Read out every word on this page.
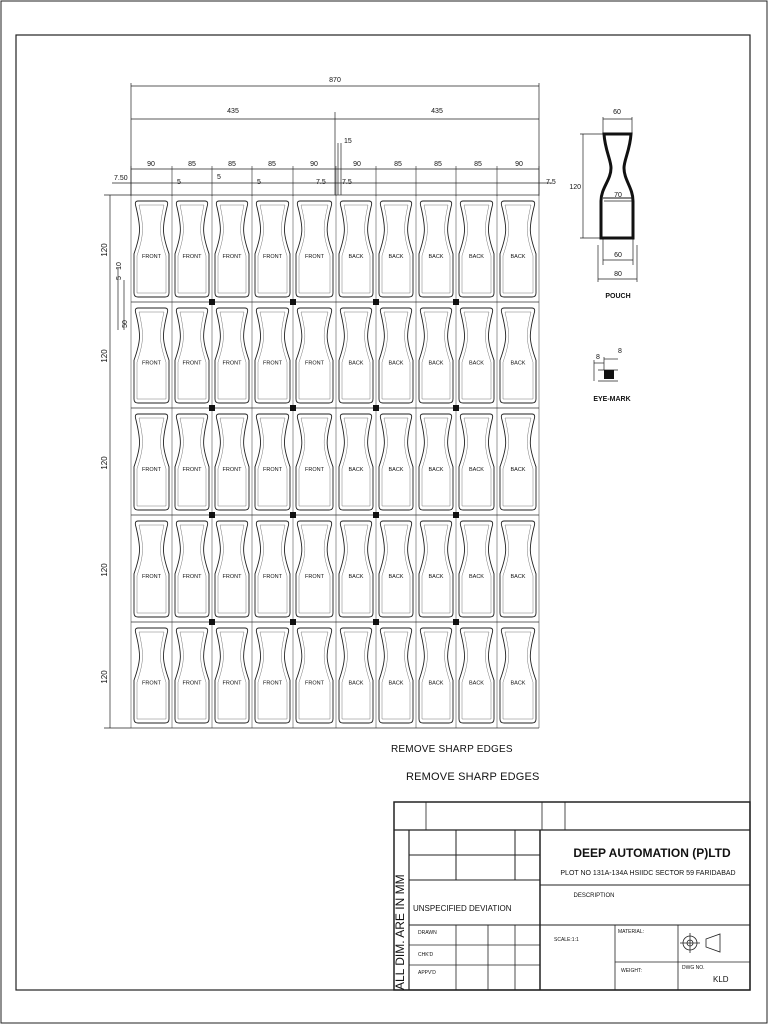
870
435	435
15
90	85	85	85	90	90	85	85	85	90
7.50
5
5
5	7.5 7.5	7.5
120
120
120
120
120
10
5
50
FRONT	FRONT	FRONT	FRONT	FRONT	BACK	BACK	BACK	BACK	BACK
FRONT	FRONT	FRONT	FRONT	FRONT	BACK	BACK	BACK	BACK	BACK
FRONT	FRONT	FRONT	FRONT	FRONT	BACK	BACK	BACK	BACK	BACK
FRONT	FRONT	FRONT	FRONT	FRONT	BACK	BACK	BACK	BACK	BACK
FRONT	FRONT	FRONT	FRONT	FRONT	BACK	BACK	BACK	BACK	BACK
60
120
70
60
80
POUCH
8
8
EYE-MARK
ALL DIM. ARE IN MM
DEEP AUTOMATION (P)LTD
PLOT NO 131A-134A HSIIDC SECTOR 59 FARIDABAD
DESCRIPTION
UNSPECIFIED DEVIATION
DRAWN
CHK'D
APPV'D
SCALE:1:1
MATERIAL:
WEIGHT:	DWG NO.
KLD
REMOVE SHARP EDGES
REMOVE SHARP EDGES
